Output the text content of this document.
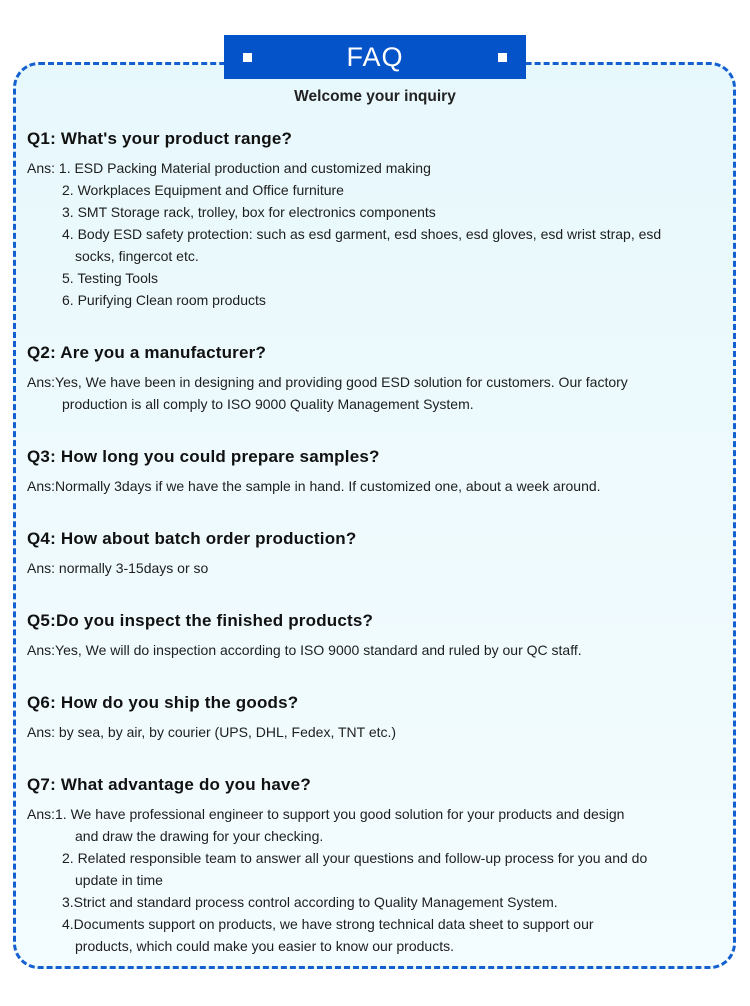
FAQ
Welcome your inquiry
Q1: What's your product range?
Ans: 1. ESD Packing Material production and customized making
2. Workplaces Equipment and Office furniture
3. SMT Storage rack, trolley, box for electronics components
4. Body ESD safety protection: such as esd garment, esd shoes, esd gloves, esd wrist strap, esd
socks, fingercot etc.
5. Testing Tools
6. Purifying Clean room products
Q2: Are you a manufacturer?
Ans:Yes, We have been in designing and providing good ESD solution for customers. Our factory
production is all comply to ISO 9000 Quality Management System.
Q3: How long you could prepare samples?
Ans:Normally 3days if we have the sample in hand. If customized one, about a week around.
Q4: How about batch order production?
Ans: normally 3-15days or so
Q5:Do you inspect the finished products?
Ans:Yes, We will do inspection according to ISO 9000 standard and ruled by our QC staff.
Q6: How do you ship the goods?
Ans: by sea, by air, by courier (UPS, DHL, Fedex, TNT etc.)
Q7: What advantage do you have?
Ans:1. We have professional engineer to support you good solution for your products and design
and draw the drawing for your checking.
2. Related responsible team to answer all your questions and follow-up process for you and do
update in time
3.Strict and standard process control according to Quality Management System.
4.Documents support on products, we have strong technical data sheet to support our
products, which could make you easier to know our products.
